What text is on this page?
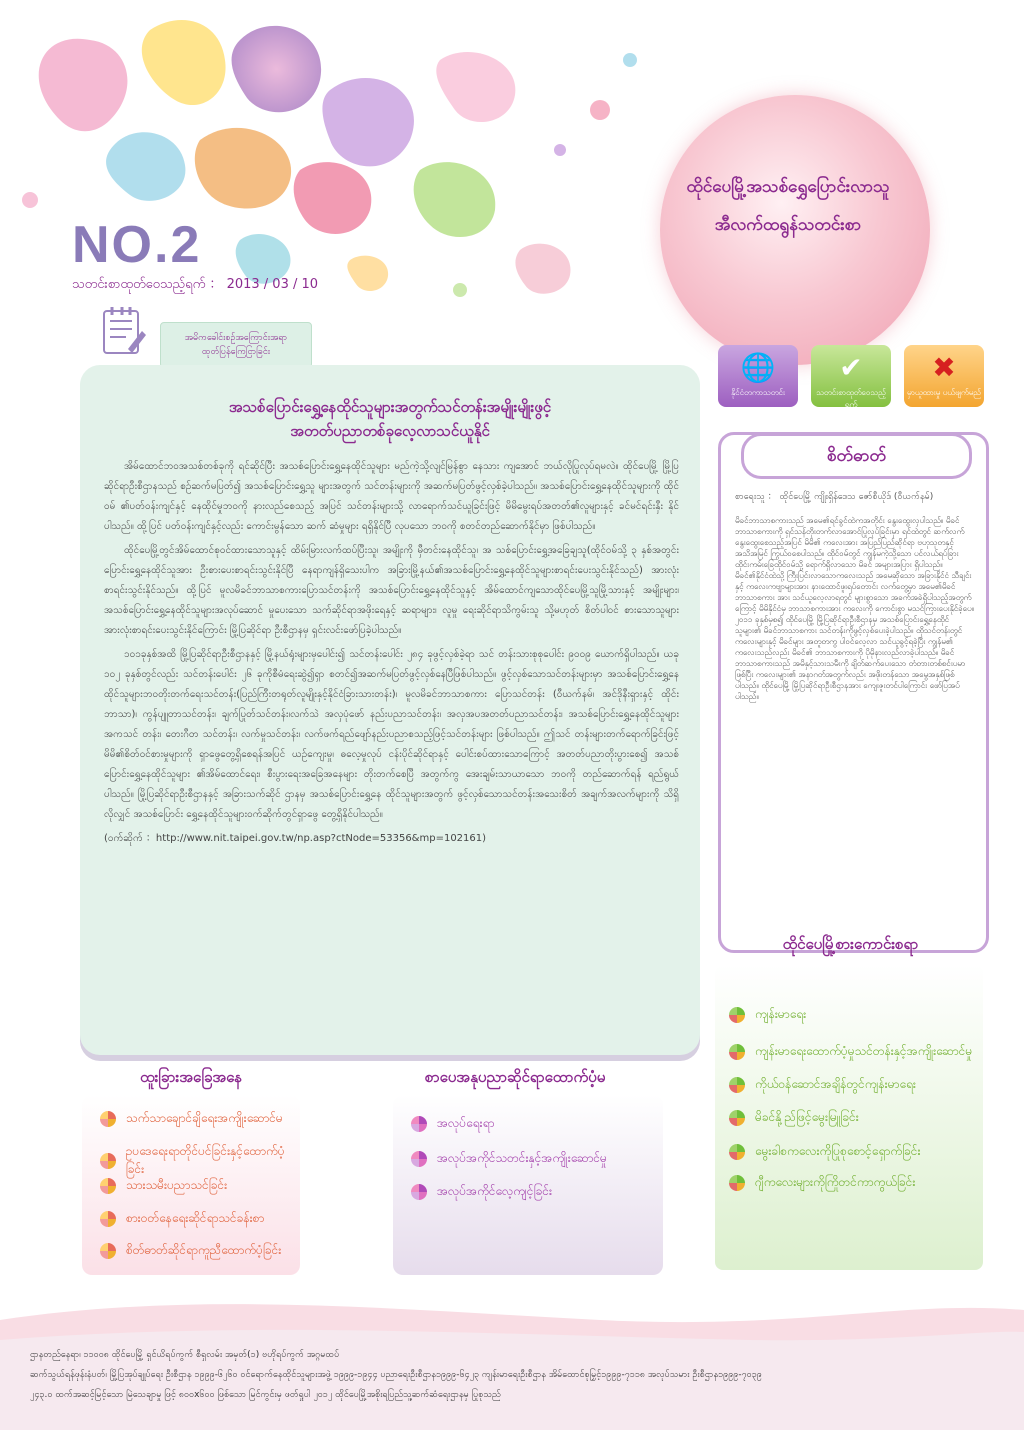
ထိုင်ပေမြို့အသစ်ရွှေပြောင်းလာသူ
အီလက်ထရွန်သတင်းစာ
NO.2
သတင်းစာထုတ်ဝေသည့်ရက် ： 2013 / 03 / 10
အမိကခေါင်းစဉ်အကြောင်းအရာ
ထုတ်ပြန်ကြေငြာခြင်း
အသစ်ပြောင်းရွှေ့နေထိုင်သူများအတွက်သင်တန်းအမျိုးမျိုးဖွင့်
အတတ်ပညာတစ်ခုလေ့လာသင်ယူနိုင်

အိမ်ထောင်ဘဝအသစ်တစ်ခုကို ရင်ဆိုင်ပြီး အသစ်ပြောင်းရွှေ့နေထိုင်သူများ မည်ကဲ့သို့လျင်မြန်စွာ နေသား ကျအောင် ဘယ်လိုပြုလုပ်ရမလဲ။ ထိုင်ပေမြို့ မြို့ပြဆိုင်ရာဦးစီဌာနသည် စဉ်ဆက်မပြတ်၍ အသစ်ပြောင်းရွှေ့သူ များအတွက် သင်တန်းများကို အဆက်မပြတ်ဖွင့်လှစ်ခဲ့ပါသည်။ အသစ်ပြောင်းရွှေ့နေထိုင်သူများကို ထိုင်ဝမ် ၏ပတ်ဝန်းကျင်နှင့် နေထိုင်မှုဘဝကို နားလည်စေသည့် အပြင် သင်တန်းများသို့ လာရောက်သင်ယူခြင်းဖြင့် မိမိမွေးရပ်အတတ်၏လူများနှင့် ခင်မင်ရင်းနှီး နိုင်ပါသည်။ ထို့ပြင် ပတ်ဝန်းကျင်နှင့်လည်း ကောင်းမွန်သော ဆက် ဆံမှုများ ရရှိနိုင်ပြီ လုပသော ဘဝကို စတင်တည်ဆောက်နိုင်မှာ ဖြစ်ပါသည်။

ထိုင်ပေမြို့တွင်အိမ်ထောင်စုဝင်ထားသောသူနှင့် ထိမ်းမြားလက်ထပ်ပြီးသူ၊ အမျိုးကို မှီတင်းနေထိုင်သူ၊ အ သစ်ပြောင်းရွှေ့အခြေချသူ(ထိုင်ဝမ်သို့ ၃ နှစ်အတွင်းပြောင်းရွှေ့နေထိုင်သူအား ဦးစားပေးစာရင်းသွင်းနိုင်ပြီ နေရာကျန်ရှိသေးပါက အခြားမြို့နယ်၏အသစ်ပြောင်းရွှေ့နေထိုင်သူများစာရင်းပေးသွင်းနိုင်သည်) အားလုံး စာရင်းသွင်းနိုင်သည်။ ထို့ပြင် မူလမိခင်ဘာသာစကားပြောသင်တန်းကို အသစ်ပြောင်းရွှေ့နေထိုင်သူနှင့် အိမ်ထောင်ကျသောထိုင်ပေမြို့သူမြို့သားနှင့် အမျိုးများ၊ အသစ်ပြောင်းရွှေ့နေထိုင်သူများအလုပ်ဆောင် မှုပေးသော သက်ဆိုင်ရာအဖိုးရေနှင့် ဆရာများ၊ လူမှု ရေးဆိုင်ရာသိကွမ်းသူ သို့မဟုတ် စိတ်ပါဝင် စားသောသူများ အားလုံးစာရင်းပေးသွင်းနိုင်ကြောင်း မြို့ပြဆိုင်ရာ ဦးစီဌာနမှ ရှင်းလင်းဖော်ပြခဲ့ပါသည်။

၁၀၁ခုနှစ်အထိ မြို့ပြဆိုင်ရာဦးစီဌာနနှင့် မြို့နယ်ရုံးများမှပေါင်း၍ သင်တန်းပေါင်း ၂၈၄ ခုဖွင့်လှစ်ခဲ့ရာ သင် တန်းသားစုစုပေါင်း ၉၀၀၉ ယောက်ရှိပါသည်။ ယခု ၁၀၂ ခုနှစ်တွင်လည်း သင်တန်းပေါင်း ၂၆ ခုကိုစီမံရေးဆွဲ၍ရှာ စတင်၍အဆက်မပြတ်ဖွင့်လှစ်နေပြီဖြစ်ပါသည်။ ဖွင့်လှစ်သောသင်တန်းများမှာ အသစ်ပြောင်းရွှေ့နေ ထိုင်သူများဘဝတိုးတက်ရေးသင်တန်း(ပြည်ကြီးတရုတ်လူမျိုးနှင့်နိုင်ငံခြားသားတန်း)၊ မူလမိခင်ဘာသာစကား ပြောသင်တန်း (ဝီယက်နမ်၊ အင်ဒိုနီးရှားနှင့် ထိုင်းဘာသာ)၊ ကွန်ပျူတာသင်တန်း၊ ချက်ပြုတ်သင်တန်း၊လက်သဲ အလှပုံဖော် နည်းပညာသင်တန်း၊ အလှအပအတတ်ပညာသင်တန်း၊ အသစ်ပြောင်းရွှေ့နေထိုင်သူများအကသင် တန်း၊ တေးဂီတ သင်တန်း၊ လက်မှုသင်တန်း၊ လက်ဖက်ရည်ဖျော်နည်းပညာစသည့်ဖြင့်သင်တန်းများ ဖြစ်ပါသည်။ ဤသင် တန်းများတက်ရောက်ခြင်းဖြင့် မိမိ၏စိတ်ဝင်စားမှုများကို ရှာဖွေတွေ့ရှိစေရန်အပြင် ယဉ်ကျေးမှု၊ ဓလေ့မှုလုပ် ငန်းပိုင်ဆိုင်ရာနှင့် ပေါင်းစပ်ထားသောကြောင့် အတတ်ပညာတိုးပွားစေ၍ အသစ်ပြောင်းရွှေ့နေထိုင်သူများ ၏အိမ်ထောင်ရေး၊ စီးပွားရေးအခြေအနေများ တိုးတက်စေပြီ အတွက်ကွ အေးချမ်းသာယာသော ဘဝကို တည်ဆောက်ရန် ရည်ရွယ်ပါသည်။ မြို့ပြဆိုင်ရာဦးစီဌာနနှင့် အခြားသက်ဆိုင် ဌာနမှ အသစ်ပြောင်းရွှေ့နေ ထိုင်သူများအတွက် ဖွင့်လှစ်သောသင်တန်းအသေးစိတ် အချက်အလက်များကို သိရှိလိုလျှင် အသစ်ပြောင်း ရွှေ့နေထိုင်သူများဝက်ဆိုက်တွင်ရှာဖွေ တွေ့ရှိနိုင်ပါသည်။

(ဝက်ဆိုက် ：http://www.nit.taipei.gov.tw/np.asp?ctNode=53356&mp=102161)

🌐
နိုင်ငံတကာသတင်း
✔
သတင်းစာထုတ်ဝေသည့်ရက်
✖
မှာယူထားမှု ပယ်ဖျက်မည်
စိတ်ဓာတ်
စာရေးသူ ： ထိုင်ပေမြို့ ကျိုးရှိန်ဒေသ ဇော်စီယိုဒ် (ဝီယက်နမ်)
မိခင်ဘာသာစကားသည် အမေ၏ရင်ခွင်ထဲကအတိုင်း နွေးထွေးလှပါသည်။ မိခင်ဘာသာစကားကို ရှင်သန်တိုးတက်လာအောင်ပြုလုပ်ခြင်းမှာ ရင်ထဲတွင် ဆက်လက်နွေးထွေးစေသည့်အပြင် မိမိ၏ ကလေးအား အပြည်ပြည်ဆိုင်ရာ ဗဟုသုတနှင့် အသိအမြင် ကြွယ်ဝစေပါသည်။ ထိုင်ဝမ်တွင် ကျွန်မကဲ့သို့သော ပင်လယ်ရပ်ခြား ထိုင်းကမ်းခြေထိုင်ဝမ်သို့ ရောက်ရှိလာသော မိခင် အများအပြား ရှိပါသည်။ မိခင်၏နိုင်ငံထဲသို့ ကြီးပြင်းလာသောကလေးသည် အမေဆိုသော အခြားနိုင်ငံ သီချင်းနှင့် ကလေးကဗျာများအား နားထောင်ဖူးရပ်တောင်း လက်တွေ့မှာ အမေ၏မိခင်ဘာသာစကား အား သင်ယူလေ့လာရတွင် များစွာသော အခက်အခဲရှိပါသည့်အတွက်ကြောင့် မိမိနိုင်ငံမှ ဘာသာစကားအား ကလေးကို ကောင်းစွာ မသင်ကြားပေးနိုင်ခဲ့ပေ။ ၂၀၁၁ ခုနှစ်မှစ၍ ထိုင်ပေမြို့ မြို့ပြဆိုင်ရာဦးစီဌာနမှ အသစ်ပြောင်းရွှေ့နေထိုင်သူများ၏ မိခင်ဘာသာစကား သင်တန်းကိုဖွင့်လှစ်ပေးခဲ့ပါသည်။ ထိုသင်တန်းတွင် ကလေးများနှင့် မိခင်များ အတူတကွ ပါဝင်လေ့လာ သင်ယူခွင့်ရခဲ့ပြီး ကျွန်မ၏ ကလေးသည်လည်း မိခင်၏ ဘာသာစကားကို ပိုမိုနားလည်လာခဲ့ပါသည်။ မိခင်ဘာသာစကားသည် အမိနှင့်သားသမီးကို ချိတ်ဆက်ပေးသော တံတားတစ်စင်းပမာဖြစ်ပြီး ကလေးများ၏ အနာဂတ်အတွက်လည်း အဖိုးတန်သော အမွေအနှစ်ဖြစ်ပါသည်။ ထိုင်ပေမြို့ မြို့ပြဆိုင်ရာဦးစီဌာနအား ကျေးဇူးတင်ပါကြောင်း ဖော်ပြအပ်ပါသည်။
ထိုင်ပေမြို့စားကောင်းစရာ
ကျန်းမာရေး
ကျန်းမာရေးထောက်ပံ့မှုသင်တန်းနှင့်အကျိုးဆောင်မှု
ကိုယ်ဝန်ဆောင်အချိန်တွင်ကျန်းမာရေး
မိခင်နို့ည်ဖြင့်မွေးမြူခြင်း
မွေးခါစကလေးကိုပြုစုစောင့်ရှောက်ခြင်း
ဂျီကလေးများကိုကြိုတင်ကာကွယ်ခြင်း
ထူးခြားအခြေအနေ
သက်သာချောင်ချိရေးအကျိုးဆောင်မ
ဥပဒေရေးရာတိုင်ပင်ခြင်းနှင့်ထောက်ပံ့ခြင်း
သားသမီးပညာသင်ခြင်း
စားဝတ်နေရေးဆိုင်ရာသင်ခန်းစာ
စိတ်ဓာတ်ဆိုင်ရာကူညီထောက်ပံ့ခြင်း
စာပေအနုပညာဆိုင်ရာထောက်ပံ့မ
အလုပ်ရေးရာ
အလုပ်အကိုင်သတင်းနှင့်အကျိုးဆောင်မှု
အလုပ်အကိုင်လေ့ကျင့်ခြင်း
ဌာနတည်နေရာ၊ ၁၁၀၀၈ ထိုင်ပေမြို့ ရှင်ယိရပ်ကွက် စီရှလမ်း အမှတ်(၁) ဗဟိုရပ်ကွက် အဂ္ဂမထပ်
ဆက်သွယ်ရန်ဖုန်းနံပတ်၊ မြို့ပြအုပ်ချုပ်ရေး ဦးစီဌာန ၁၉၉၉-၆၂၆၀ ဝင်ရောက်နေထိုင်သူများအဖွဲ့ ၁၉၉၉-၁၉၄၄ ပညာရေးဦးစီဌာန၁၉၉၉-၆၄၂၃ ကျန်းမာရေးဦးစီဌာန အိမ်ထောင်စုမြှင့်၁၉၉၉-၇၁၁၈ အလုပ်သမား ဦးစီဌာန၁၉၉၉-၇၀၃၉
၂၄၃.၀ ထက်အဆင့်မြင့်သော မြဲသေချာမှု ဖြင့် ၈၀၀x၆၀၀ ဖြစ်သော မြင်ကွင်းမှ ဖတ်ရှုပါ ၂၀၁၂ ထိုင်ပေမြို့အစိုးရပြည်သူ့ဆက်ဆံရေးဌာနမှ ပြုစုသည်
